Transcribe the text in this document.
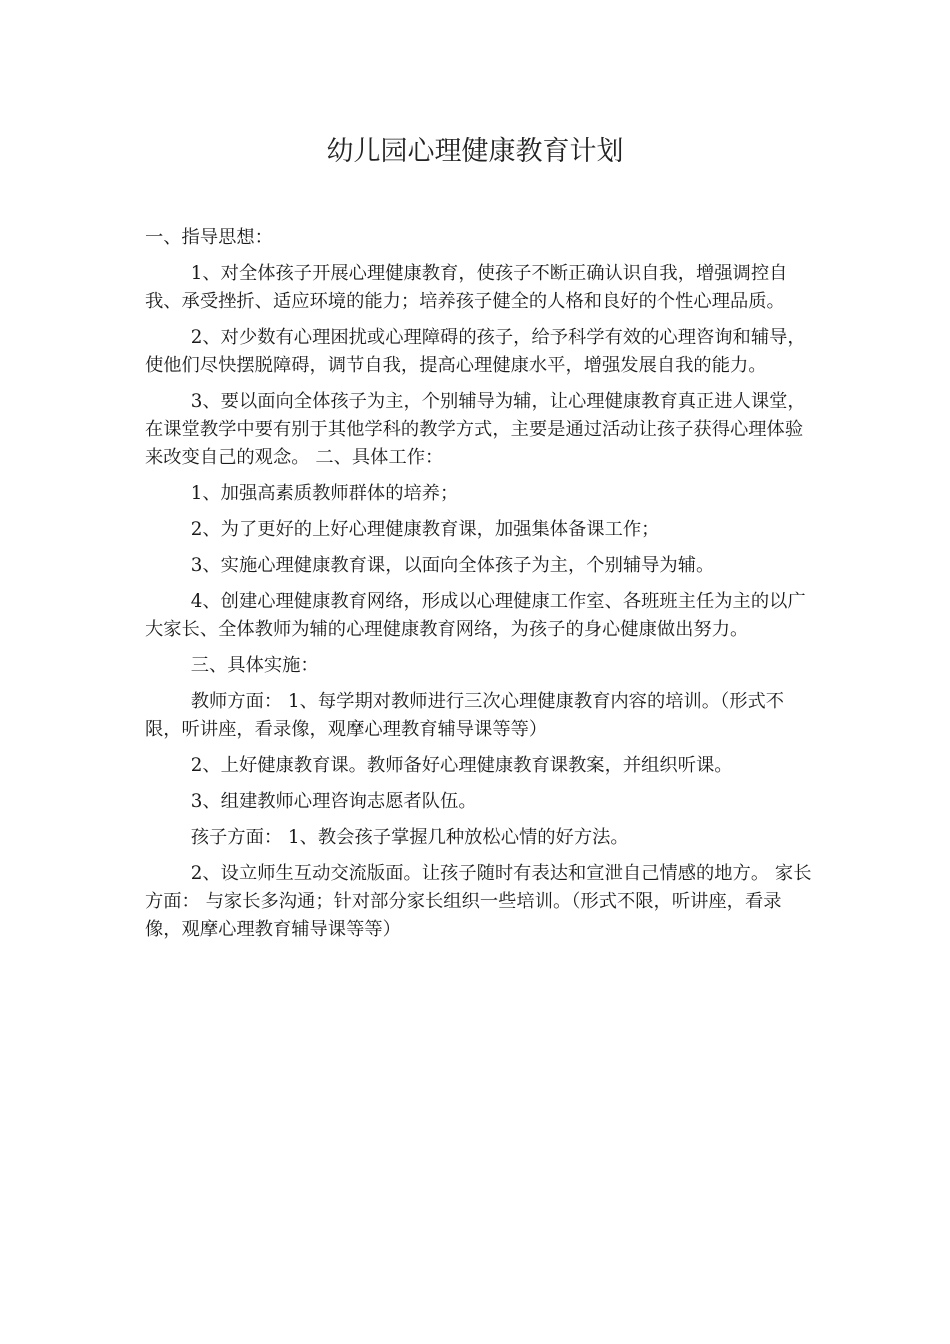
幼儿园心理健康教育计划
一、指导思想：
1、对全体孩子开展心理健康教育，使孩子不断正确认识自我，增强调控自我、承受挫折、适应环境的能力；培养孩子健全的人格和良好的个性心理品质。
2、对少数有心理困扰或心理障碍的孩子，给予科学有效的心理咨询和辅导，使他们尽快摆脱障碍，调节自我，提高心理健康水平，增强发展自我的能力。
3、要以面向全体孩子为主，个别辅导为辅，让心理健康教育真正进人课堂，在课堂教学中要有别于其他学科的教学方式，主要是通过活动让孩子获得心理体验来改变自己的观念。 二、具体工作：
1、加强高素质教师群体的培养；
2、为了更好的上好心理健康教育课，加强集体备课工作；
3、实施心理健康教育课，以面向全体孩子为主，个别辅导为辅。
4、创建心理健康教育网络，形成以心理健康工作室、各班班主任为主的以广大家长、全体教师为辅的心理健康教育网络，为孩子的身心健康做出努力。
三、具体实施：
教师方面： 1、每学期对教师进行三次心理健康教育内容的培训。（形式不限，听讲座，看录像，观摩心理教育辅导课等等）
2、上好健康教育课。教师备好心理健康教育课教案，并组织听课。
3、组建教师心理咨询志愿者队伍。
孩子方面： 1、教会孩子掌握几种放松心情的好方法。
2、设立师生互动交流版面。让孩子随时有表达和宣泄自己情感的地方。 家长方面： 与家长多沟通；针对部分家长组织一些培训。（形式不限，听讲座，看录像，观摩心理教育辅导课等等）
